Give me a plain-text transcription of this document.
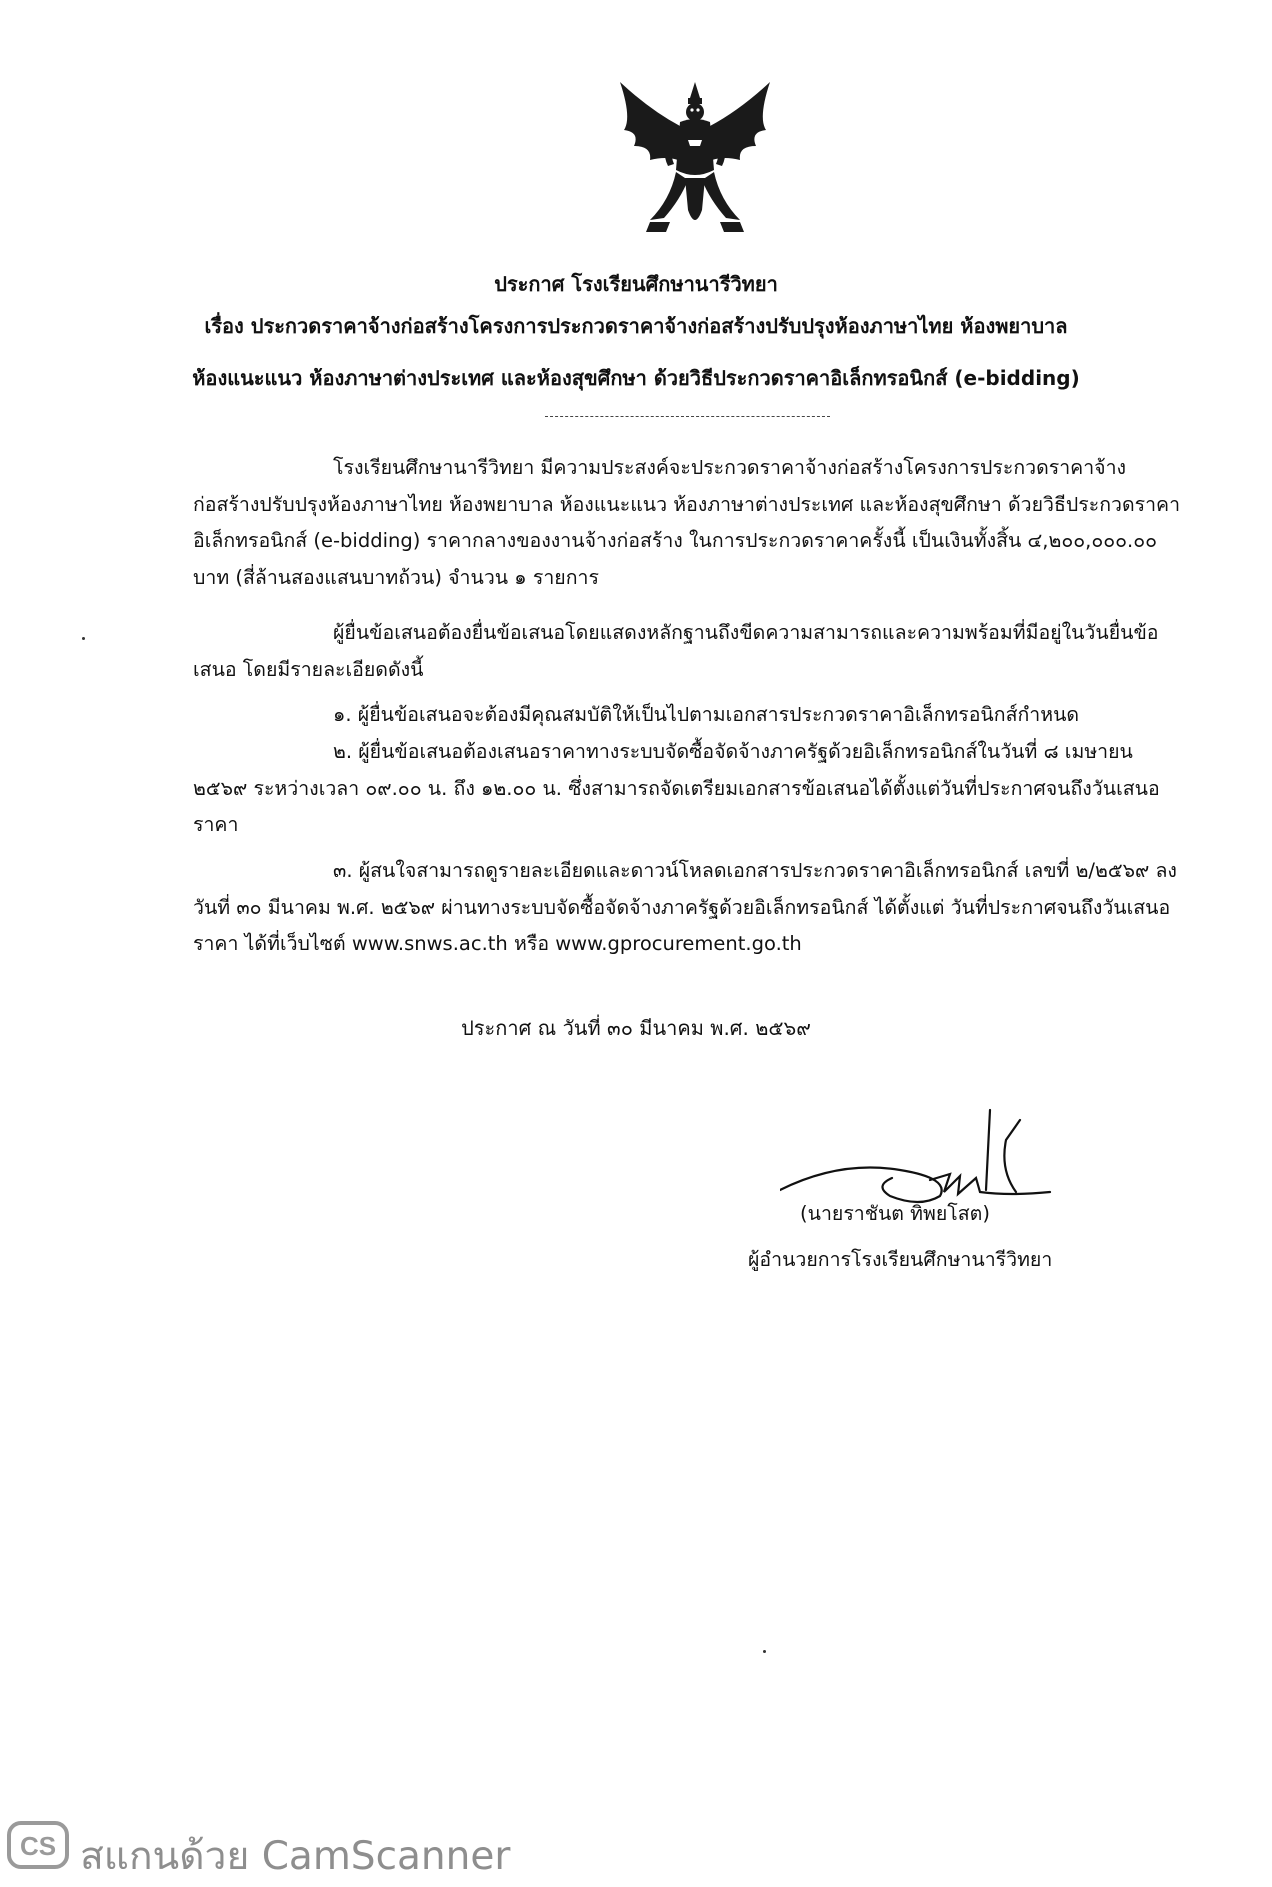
ประกาศ โรงเรียนศึกษานารีวิทยา
เรื่อง ประกวดราคาจ้างก่อสร้างโครงการประกวดราคาจ้างก่อสร้างปรับปรุงห้องภาษาไทย ห้องพยาบาล
ห้องแนะแนว ห้องภาษาต่างประเทศ และห้องสุขศึกษา ด้วยวิธีประกวดราคาอิเล็กทรอนิกส์ (e-bidding)
โรงเรียนศึกษานารีวิทยา มีความประสงค์จะประกวดราคาจ้างก่อสร้างโครงการประกวดราคาจ้างก่อสร้างปรับปรุงห้องภาษาไทย ห้องพยาบาล ห้องแนะแนว ห้องภาษาต่างประเทศ และห้องสุขศึกษา ด้วยวิธีประกวดราคาอิเล็กทรอนิกส์ (e-bidding) ราคากลางของงานจ้างก่อสร้าง ในการประกวดราคาครั้งนี้ เป็นเงินทั้งสิ้น ๔,๒๐๐,๐๐๐.๐๐ บาท (สี่ล้านสองแสนบาทถ้วน) จำนวน ๑ รายการ
ผู้ยื่นข้อเสนอต้องยื่นข้อเสนอโดยแสดงหลักฐานถึงขีดความสามารถและความพร้อมที่มีอยู่ในวันยื่นข้อเสนอ โดยมีรายละเอียดดังนี้
๑. ผู้ยื่นข้อเสนอจะต้องมีคุณสมบัติให้เป็นไปตามเอกสารประกวดราคาอิเล็กทรอนิกส์กำหนด
๒. ผู้ยื่นข้อเสนอต้องเสนอราคาทางระบบจัดซื้อจัดจ้างภาครัฐด้วยอิเล็กทรอนิกส์ในวันที่ ๘ เมษายน ๒๕๖๙ ระหว่างเวลา ๐๙.๐๐ น. ถึง ๑๒.๐๐ น. ซึ่งสามารถจัดเตรียมเอกสารข้อเสนอได้ตั้งแต่วันที่ประกาศจนถึงวันเสนอราคา
๓. ผู้สนใจสามารถดูรายละเอียดและดาวน์โหลดเอกสารประกวดราคาอิเล็กทรอนิกส์ เลขที่ ๒/๒๕๖๙ ลงวันที่ ๓๐ มีนาคม พ.ศ. ๒๕๖๙ ผ่านทางระบบจัดซื้อจัดจ้างภาครัฐด้วยอิเล็กทรอนิกส์ ได้ตั้งแต่ วันที่ประกาศจนถึงวันเสนอราคา ได้ที่เว็บไซต์ www.snws.ac.th หรือ www.gprocurement.go.th
ประกาศ ณ วันที่ ๓๐ มีนาคม พ.ศ. ๒๕๖๙
(นายราชันต ทิพยโสต)
ผู้อำนวยการโรงเรียนศึกษานารีวิทยา
CS สแกนด้วย CamScanner
